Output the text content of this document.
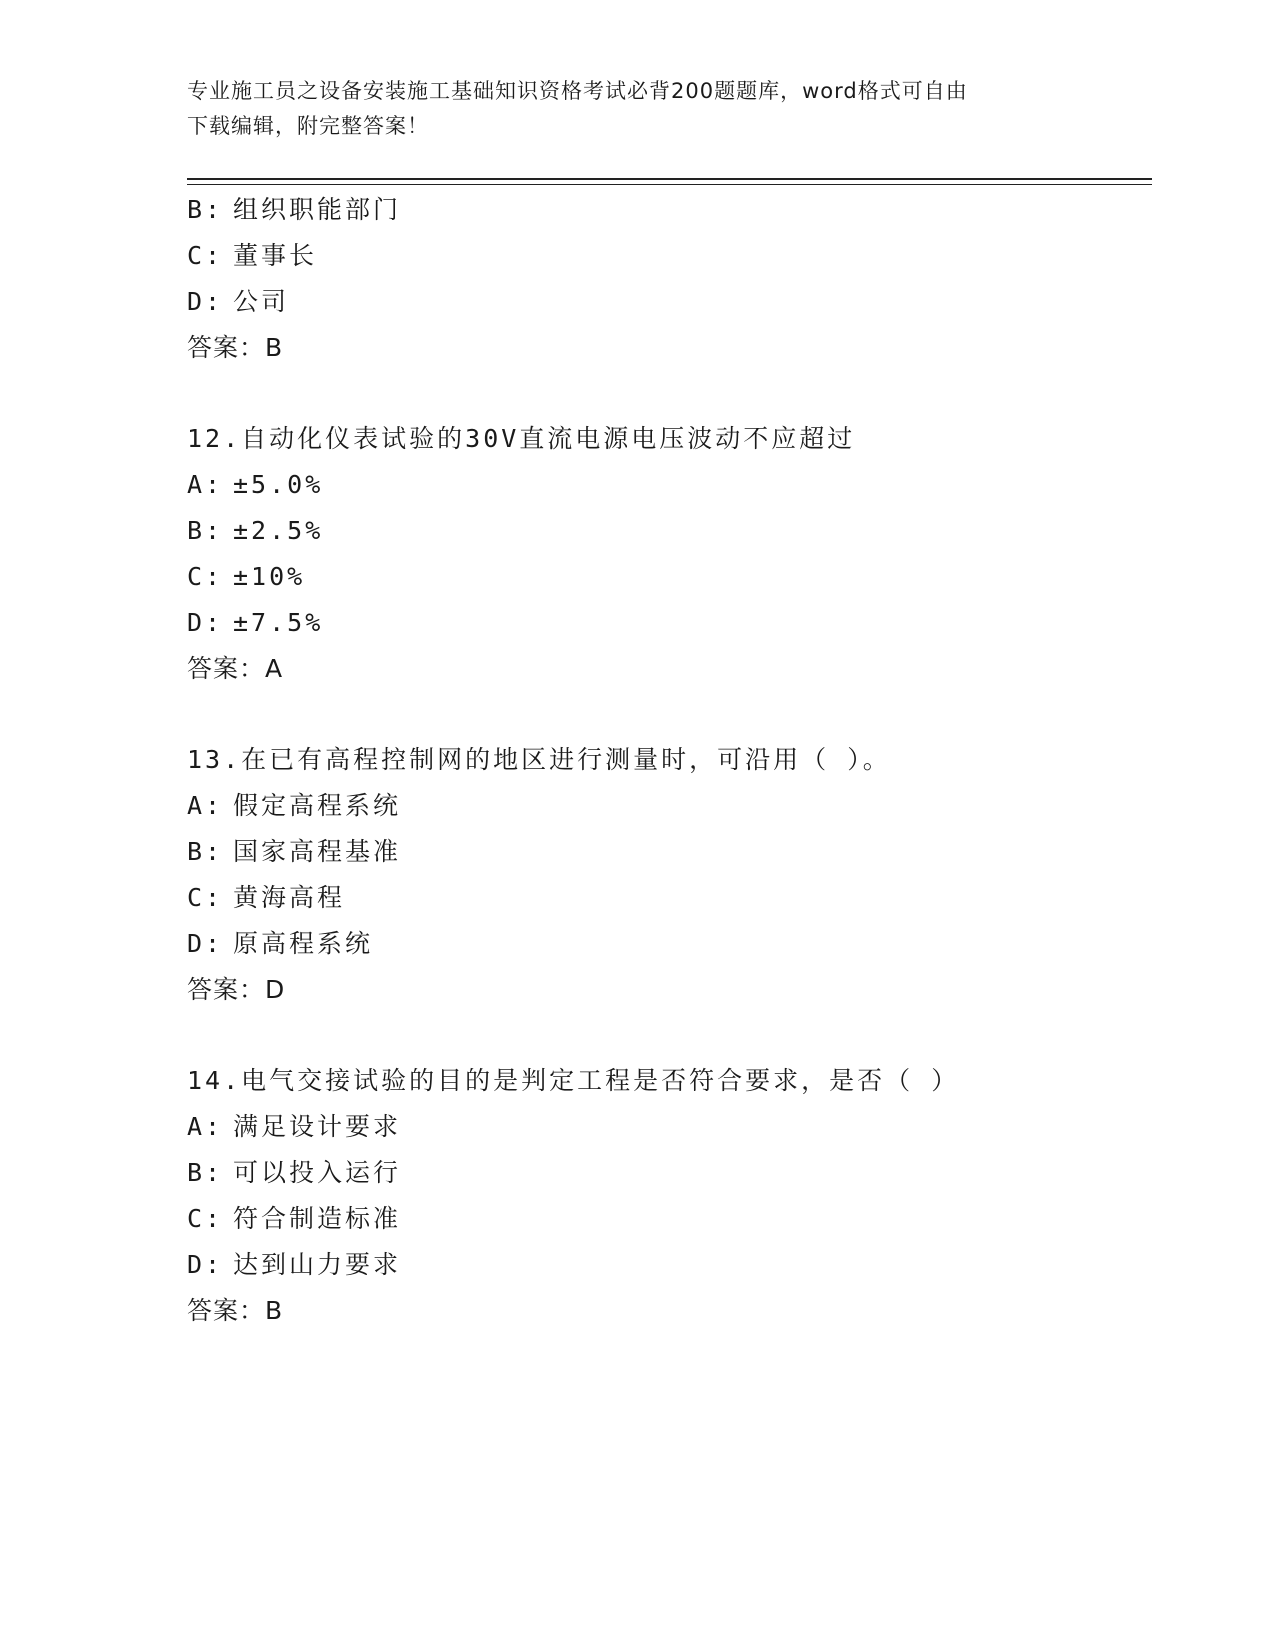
专业施工员之设备安装施工基础知识资格考试必背200题题库，word格式可自由
下载编辑，附完整答案！
B: 组织职能部门
C: 董事长
D: 公司
答案：B
12.自动化仪表试验的30V直流电源电压波动不应超过
A: ±5.0%
B: ±2.5%
C: ±10%
D: ±7.5%
答案：A
13.在已有高程控制网的地区进行测量时，可沿用（ ）。
A: 假定高程系统
B: 国家高程基准
C: 黄海高程
D: 原高程系统
答案：D
14.电气交接试验的目的是判定工程是否符合要求，是否（ ）
A: 满足设计要求
B: 可以投入运行
C: 符合制造标准
D: 达到山力要求
答案：B
